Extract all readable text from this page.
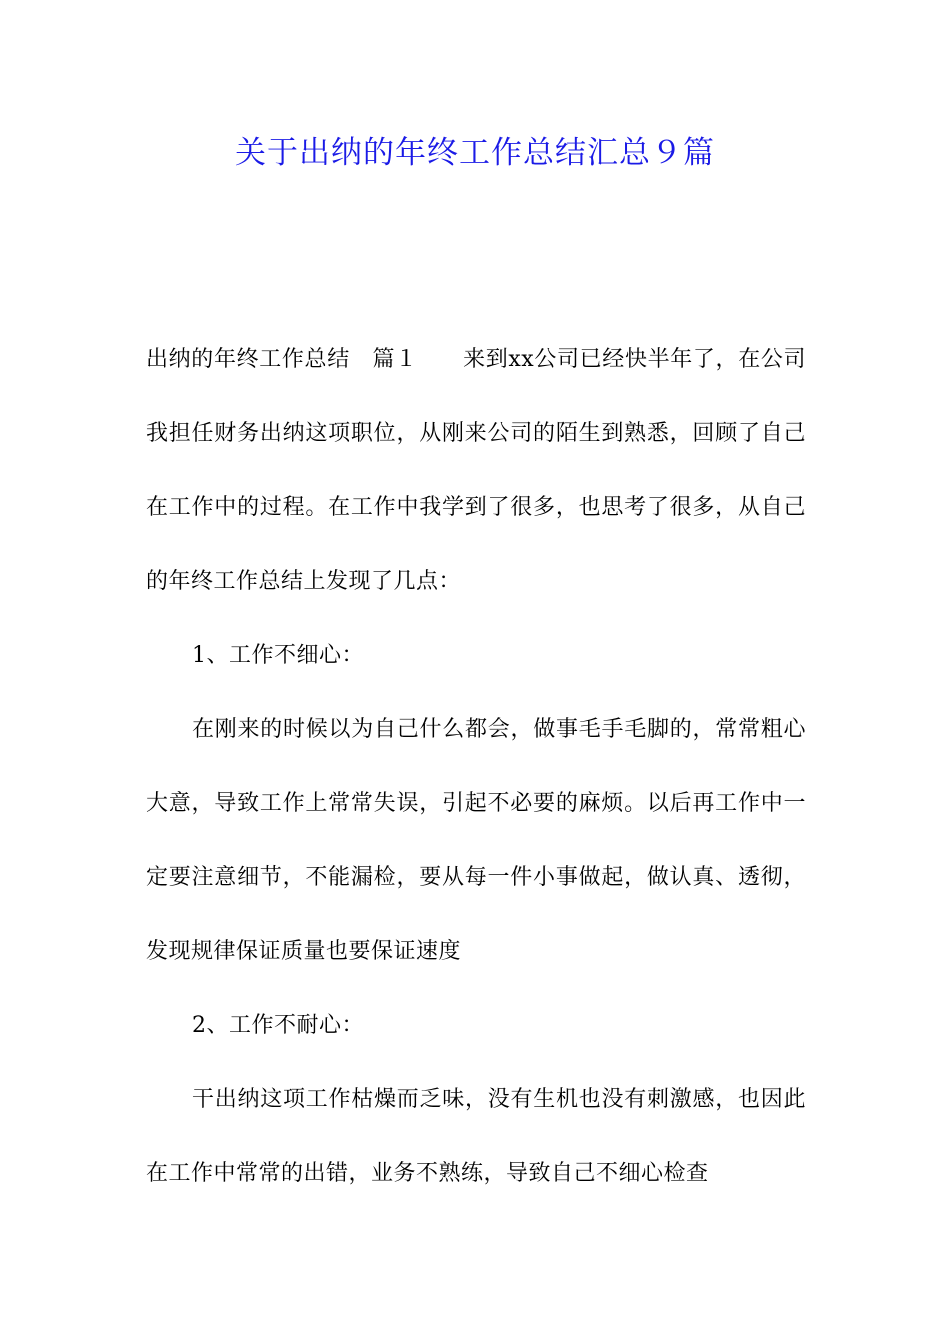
关于出纳的年终工作总结汇总９篇

出纳的年终工作总结　篇１　　来到xx公司已经快半年了，在公司我担任财务出纳这项职位，从刚来公司的陌生到熟悉，回顾了自己在工作中的过程。在工作中我学到了很多，也思考了很多，从自己的年终工作总结上发现了几点：

1、工作不细心：

在刚来的时候以为自己什么都会，做事毛手毛脚的，常常粗心大意，导致工作上常常失误，引起不必要的麻烦。以后再工作中一定要注意细节，不能漏检，要从每一件小事做起，做认真、透彻，发现规律保证质量也要保证速度

2、工作不耐心：

干出纳这项工作枯燥而乏味，没有生机也没有刺激感，也因此在工作中常常的出错，业务不熟练，导致自己不细心检查
